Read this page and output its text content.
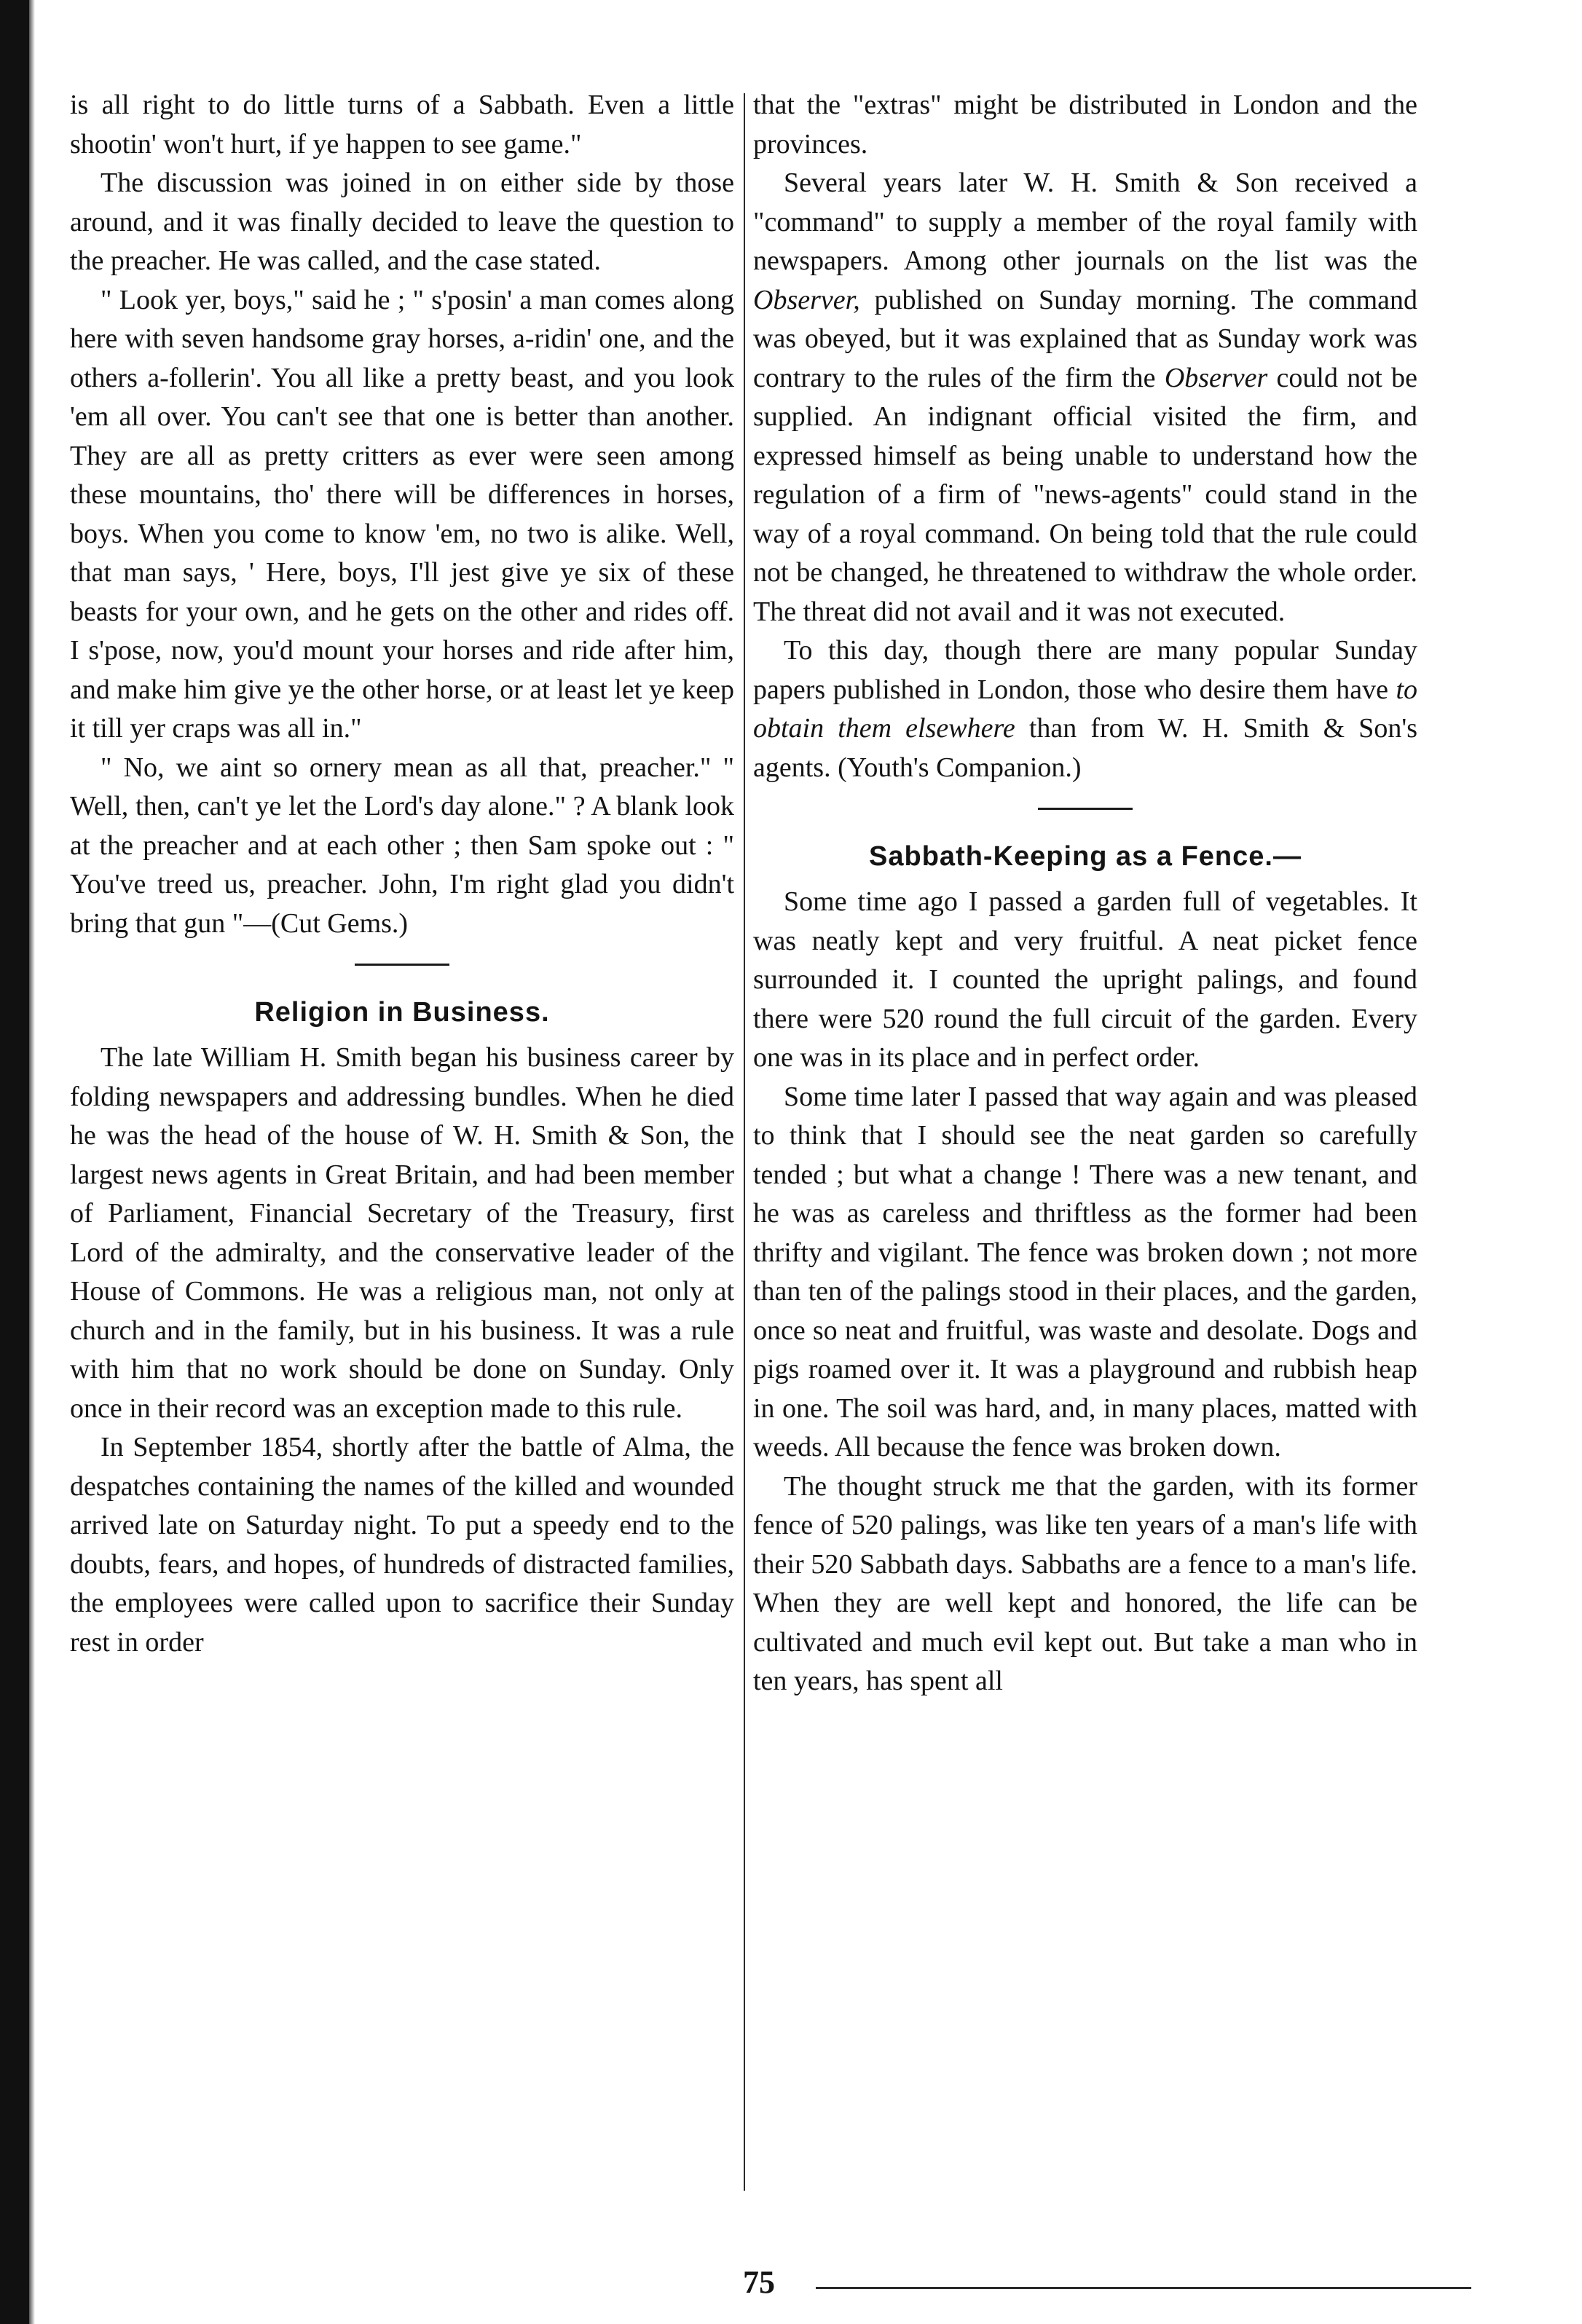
is all right to do little turns of a Sabbath. Even a little shootin' won't hurt, if ye happen to see game."

The discussion was joined in on either side by those around, and it was finally decided to leave the question to the preacher. He was called, and the case stated.

" Look yer, boys," said he ; " s'posin' a man comes along here with seven handsome gray horses, a-ridin' one, and the others a-follerin'. You all like a pretty beast, and you look 'em all over. You can't see that one is better than another. They are all as pretty critters as ever were seen among these mountains, tho' there will be differences in horses, boys. When you come to know 'em, no two is alike. Well, that man says, ' Here, boys, I'll jest give ye six of these beasts for your own, and he gets on the other and rides off. I s'pose, now, you'd mount your horses and ride after him, and make him give ye the other horse, or at least let ye keep it till yer craps was all in."

" No, we aint so ornery mean as all that, preacher." " Well, then, can't ye let the Lord's day alone." ? A blank look at the preacher and at each other ; then Sam spoke out : " You've treed us, preacher. John, I'm right glad you didn't bring that gun "—(Cut Gems.)

Religion in Business.

The late William H. Smith began his business career by folding newspapers and addressing bundles. When he died he was the head of the house of W. H. Smith & Son, the largest news agents in Great Britain, and had been member of Parliament, Financial Secretary of the Treasury, first Lord of the admiralty, and the conservative leader of the House of Commons. He was a religious man, not only at church and in the family, but in his business. It was a rule with him that no work should be done on Sunday. Only once in their record was an exception made to this rule.

In September 1854, shortly after the battle of Alma, the despatches containing the names of the killed and wounded arrived late on Saturday night. To put a speedy end to the doubts, fears, and hopes, of hundreds of distracted families, the employees were called upon to sacrifice their Sunday rest in order

that the "extras" might be distributed in London and the provinces.

Several years later W. H. Smith & Son received a "command" to supply a member of the royal family with newspapers. Among other journals on the list was the Observer, published on Sunday morning. The command was obeyed, but it was explained that as Sunday work was contrary to the rules of the firm the Observer could not be supplied. An indignant official visited the firm, and expressed himself as being unable to understand how the regulation of a firm of "news-agents" could stand in the way of a royal command. On being told that the rule could not be changed, he threatened to withdraw the whole order. The threat did not avail and it was not executed.

To this day, though there are many popular Sunday papers published in London, those who desire them have to obtain them elsewhere than from W. H. Smith & Son's agents. (Youth's Companion.)

Sabbath-Keeping as a Fence.—

Some time ago I passed a garden full of vegetables. It was neatly kept and very fruitful. A neat picket fence surrounded it. I counted the upright palings, and found there were 520 round the full circuit of the garden. Every one was in its place and in perfect order.

Some time later I passed that way again and was pleased to think that I should see the neat garden so carefully tended ; but what a change ! There was a new tenant, and he was as careless and thriftless as the former had been thrifty and vigilant. The fence was broken down ; not more than ten of the palings stood in their places, and the garden, once so neat and fruitful, was waste and desolate. Dogs and pigs roamed over it. It was a playground and rubbish heap in one. The soil was hard, and, in many places, matted with weeds. All because the fence was broken down.

The thought struck me that the garden, with its former fence of 520 palings, was like ten years of a man's life with their 520 Sabbath days. Sabbaths are a fence to a man's life. When they are well kept and honored, the life can be cultivated and much evil kept out. But take a man who in ten years, has spent all

75
